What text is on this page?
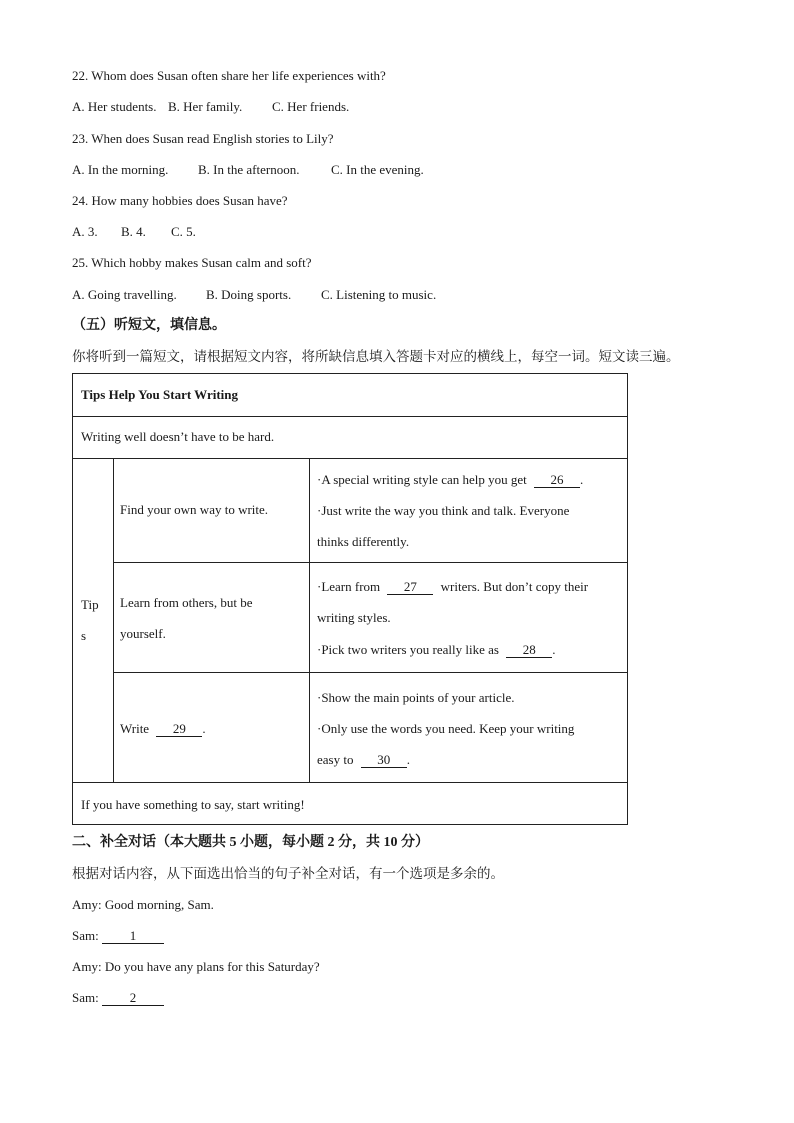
22. Whom does Susan often share her life experiences with?
A. Her students. B. Her family. C. Her friends.
23. When does Susan read English stories to Lily?
A. In the morning. B. In the afternoon. C. In the evening.
24. How many hobbies does Susan have?
A. 3. B. 4. C. 5.
25. Which hobby makes Susan calm and soft?
A. Going travelling. B. Doing sports. C. Listening to music.
（五）听短文，填信息。
你将听到一篇短文，请根据短文内容，将所缺信息填入答题卡对应的横线上，每空一词。短文读三遍。
Tips Help You Start Writing
Writing well doesn’t have to be hard.
Tip
s
Find your own way to write.
·A special writing style can help you get 26 .
·Just write the way you think and talk. Everyone
thinks differently.
Learn from others, but be
yourself.
·Learn from 27 writers. But don’t copy their
writing styles.
·Pick two writers you really like as 28 .
Write 29 .
·Show the main points of your article.
·Only use the words you need. Keep your writing
easy to 30 .
If you have something to say, start writing!
二、补全对话（本大题共 5 小题，每小题 2 分，共 10 分）
根据对话内容，从下面选出恰当的句子补全对话，有一个选项是多余的。
Amy: Good morning, Sam.
Sam: 1
Amy: Do you have any plans for this Saturday?
Sam: 2
